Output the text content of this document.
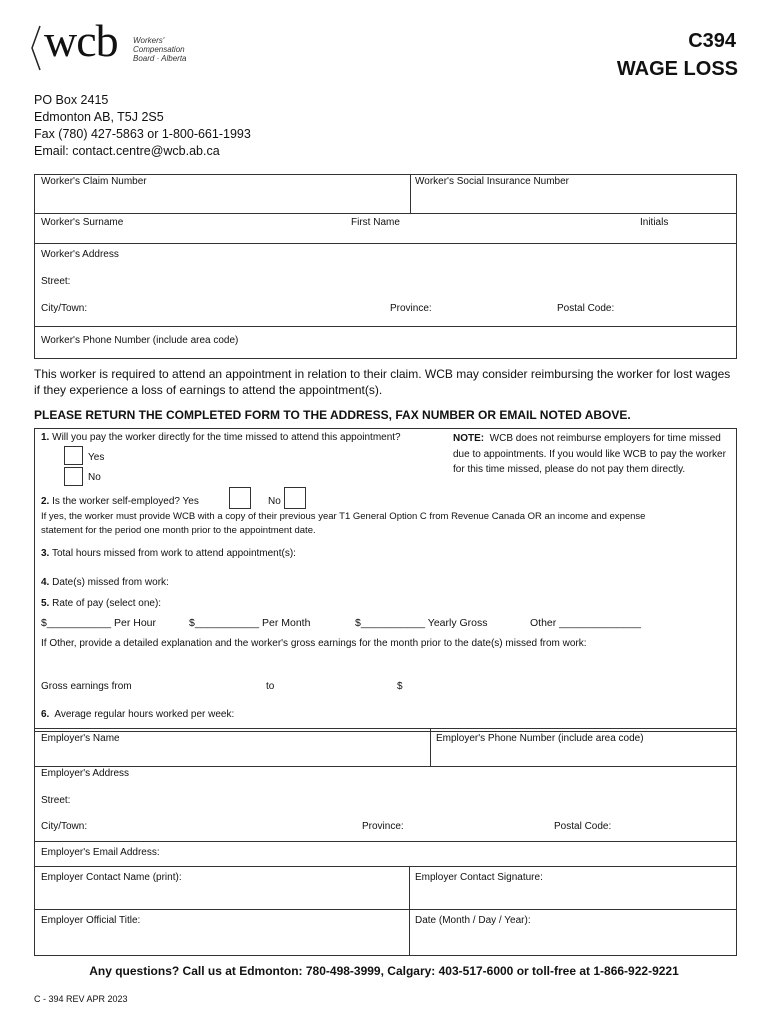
wcb Workers' Compensation Board · Alberta
C394
WAGE LOSS
PO Box 2415
Edmonton AB, T5J 2S5
Fax (780) 427-5863 or 1-800-661-1993
Email: contact.centre@wcb.ab.ca
Worker's Claim Number	Worker's Social Insurance Number
Worker's Surname	First Name	Initials
Worker's Address
Street:
City/Town:	Province:	Postal Code:
Worker's Phone Number (include area code)
This worker is required to attend an appointment in relation to their claim. WCB may consider reimbursing the worker for lost wages if they experience a loss of earnings to attend the appointment(s).
PLEASE RETURN THE COMPLETED FORM TO THE ADDRESS, FAX NUMBER OR EMAIL NOTED ABOVE.
1. Will you pay the worker directly for the time missed to attend this appointment?
Yes
No
NOTE: WCB does not reimburse employers for time missed due to appointments. If you would like WCB to pay the worker for this time missed, please do not pay them directly.
2. Is the worker self-employed? Yes	No
If yes, the worker must provide WCB with a copy of their previous year T1 General Option C from Revenue Canada OR an income and expense statement for the period one month prior to the appointment date.
3. Total hours missed from work to attend appointment(s):
4. Date(s) missed from work:
5. Rate of pay (select one):
$___________ Per Hour	$___________ Per Month	$___________ Yearly Gross	Other ______________
If Other, provide a detailed explanation and the worker's gross earnings for the month prior to the date(s) missed from work:
Gross earnings from	to	$
6. Average regular hours worked per week:
Employer's Name	Employer's Phone Number (include area code)
Employer's Address
Street:
City/Town:	Province:	Postal Code:
Employer's Email Address:
Employer Contact Name (print):	Employer Contact Signature:
Employer Official Title:	Date (Month / Day / Year):
Any questions? Call us at Edmonton: 780-498-3999, Calgary: 403-517-6000 or toll-free at 1-866-922-9221
C - 394 REV APR 2023
